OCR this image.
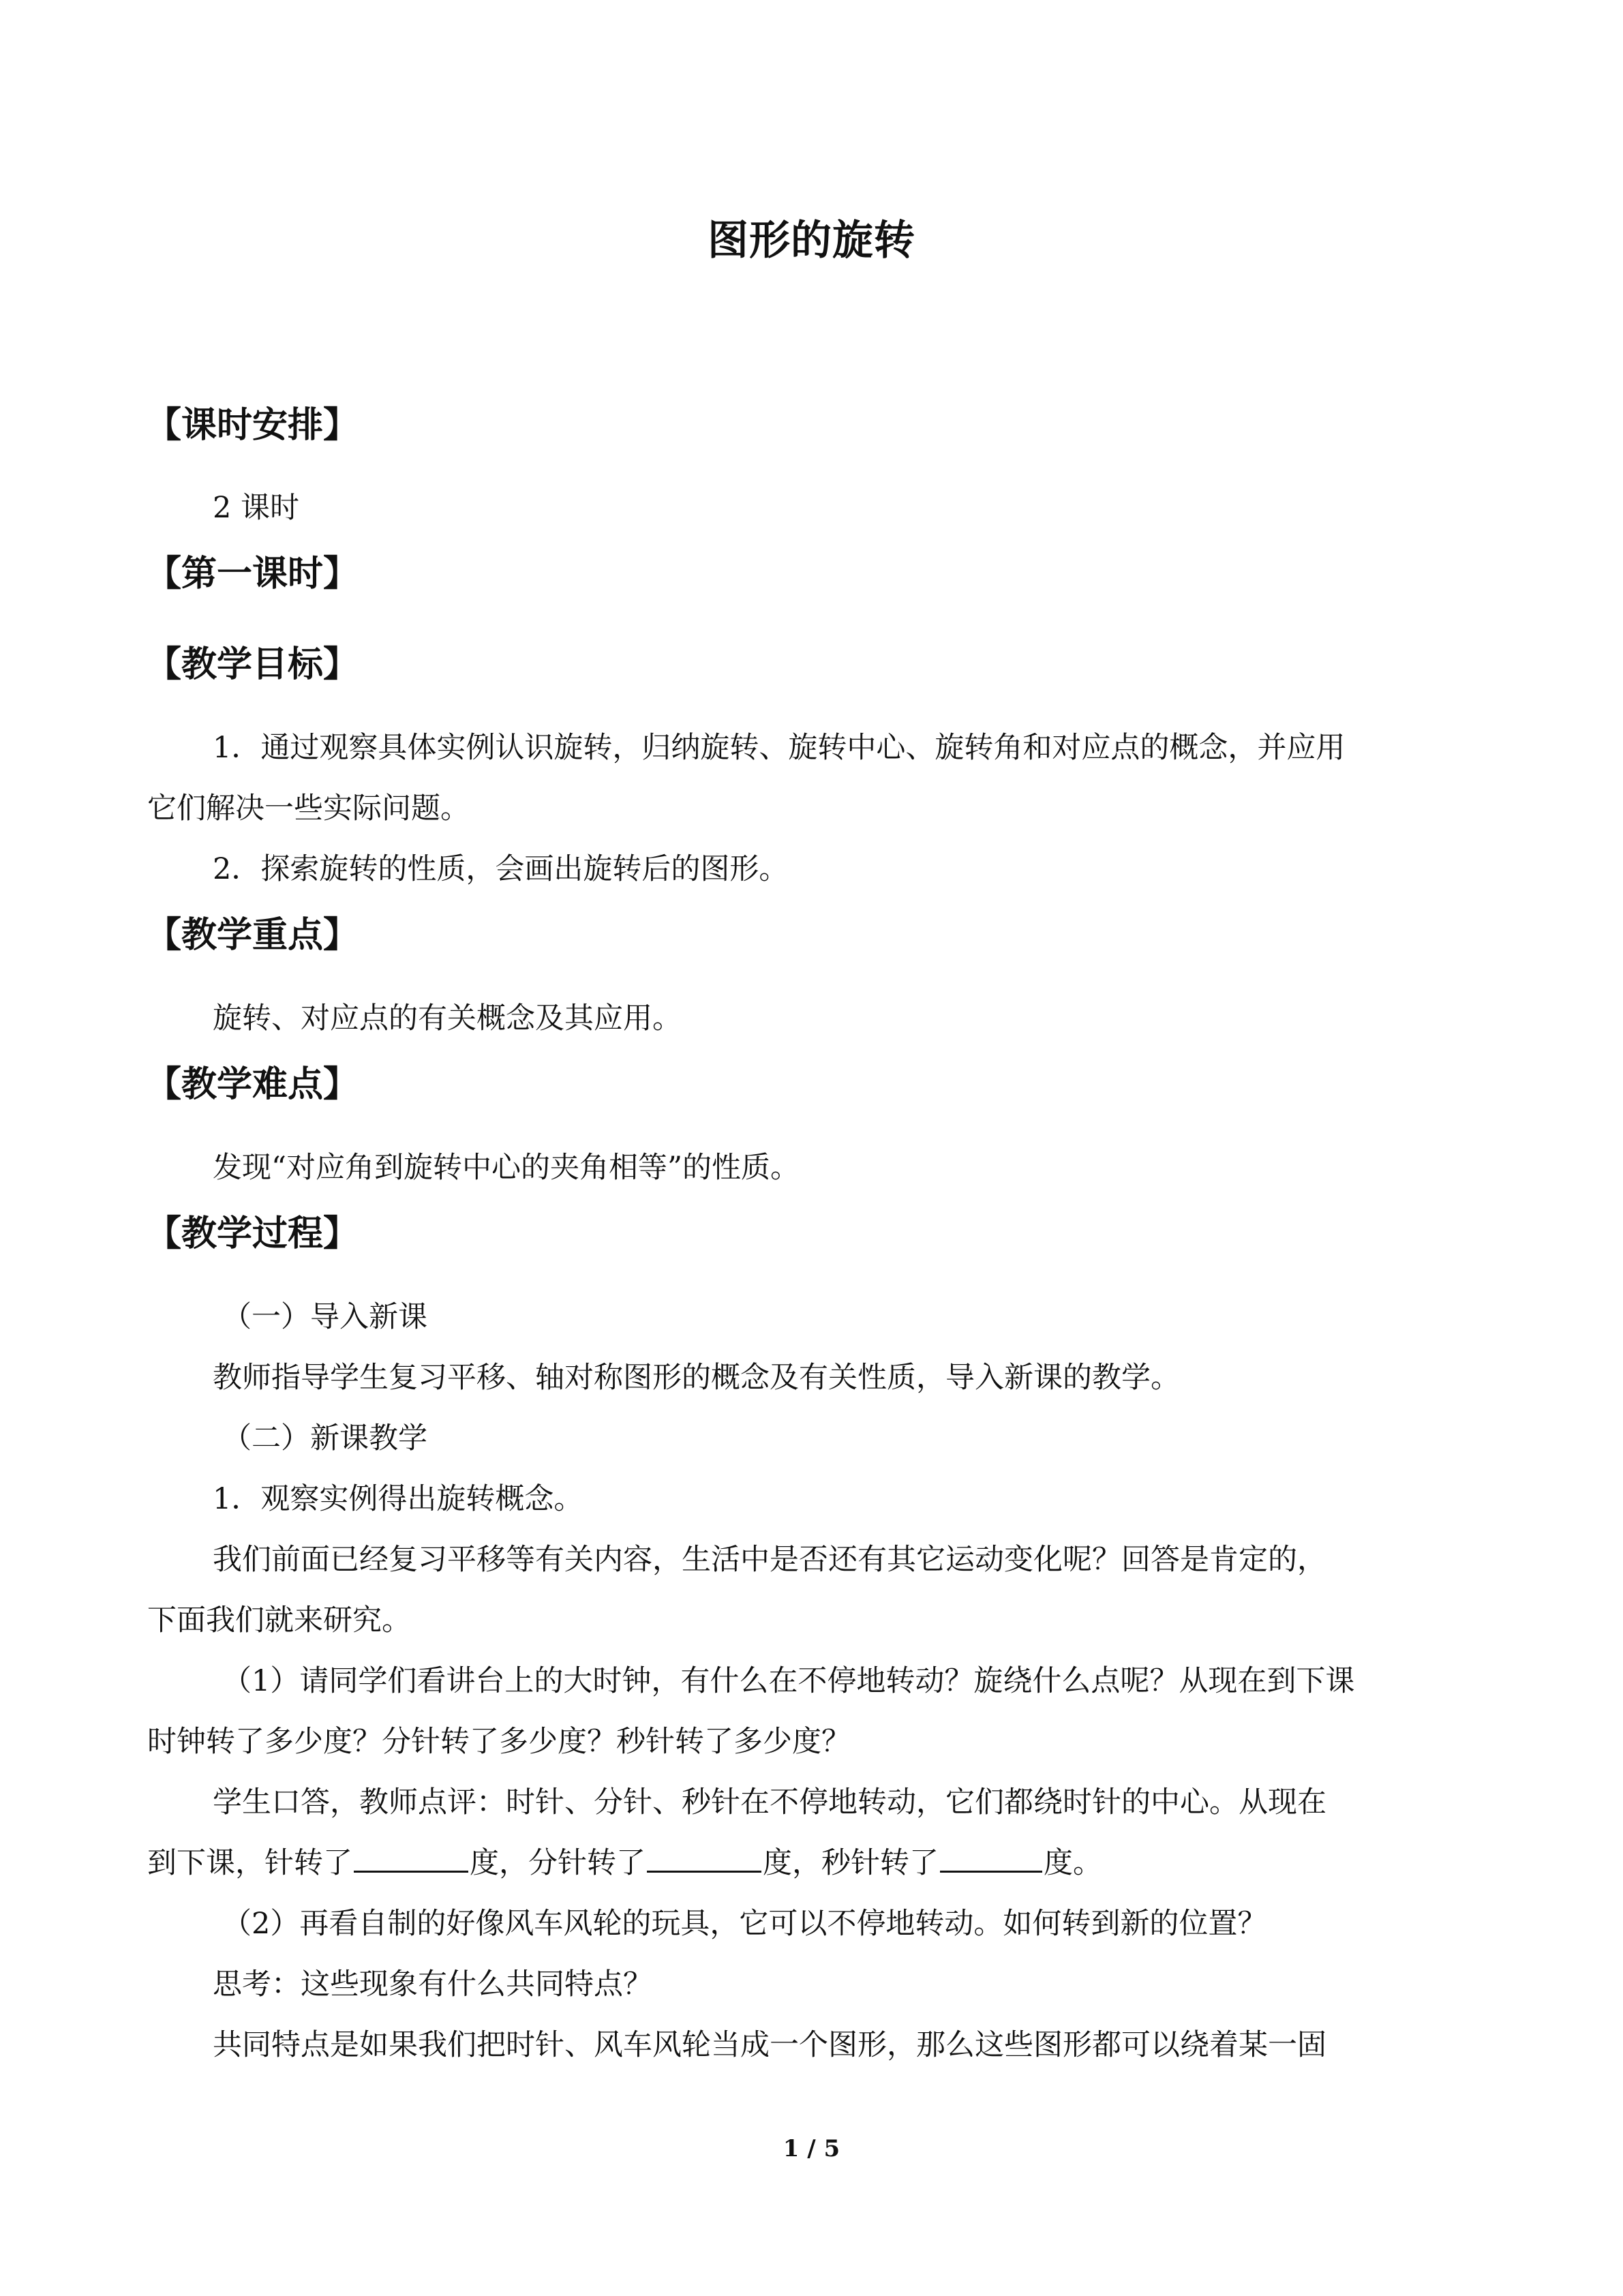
图形的旋转
【课时安排】
2 课时
【第一课时】
【教学目标】
1．通过观察具体实例认识旋转，归纳旋转、旋转中心、旋转角和对应点的概念，并应用
它们解决一些实际问题。
2．探索旋转的性质，会画出旋转后的图形。
【教学重点】
旋转、对应点的有关概念及其应用。
【教学难点】
发现“对应角到旋转中心的夹角相等”的性质。
【教学过程】
（一）导入新课
教师指导学生复习平移、轴对称图形的概念及有关性质，导入新课的教学。
（二）新课教学
1．观察实例得出旋转概念。
我们前面已经复习平移等有关内容，生活中是否还有其它运动变化呢？回答是肯定的，
下面我们就来研究。
（1）请同学们看讲台上的大时钟，有什么在不停地转动？旋绕什么点呢？从现在到下课
时钟转了多少度？分针转了多少度？秒针转了多少度？
学生口答，教师点评：时针、分针、秒针在不停地转动，它们都绕时针的中心。从现在
到下课，针转了	度，分针转了	度，秒针转了	度。
（2）再看自制的好像风车风轮的玩具，它可以不停地转动。如何转到新的位置？
思考：这些现象有什么共同特点？
共同特点是如果我们把时针、风车风轮当成一个图形，那么这些图形都可以绕着某一固
1 / 5
